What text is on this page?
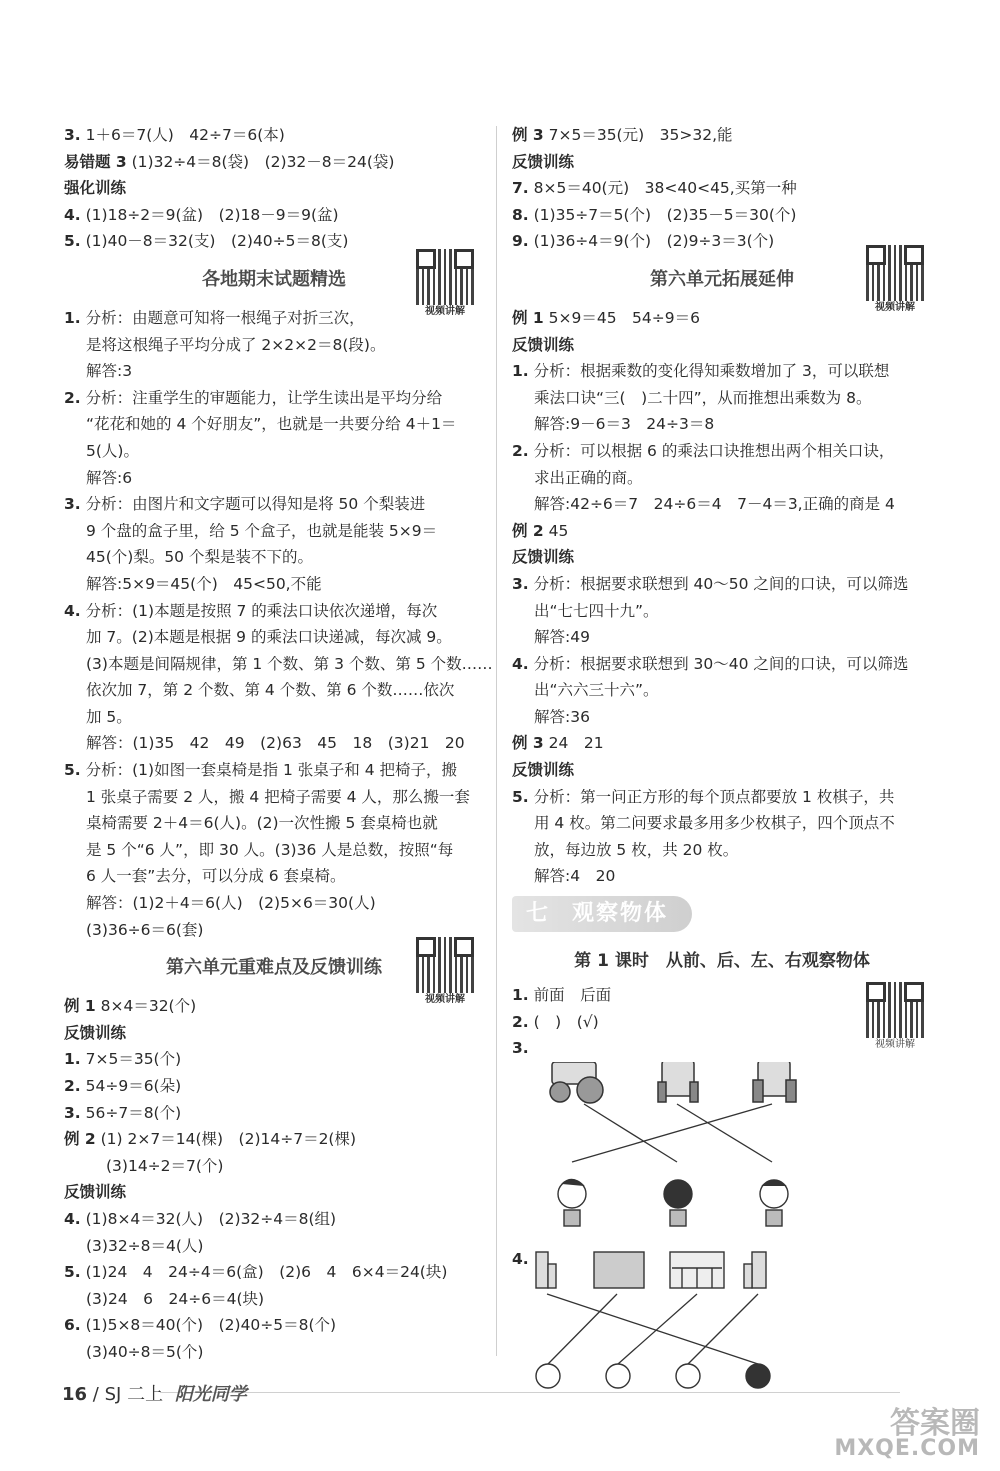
3. 1＋6＝7(人)　42÷7＝6(本)
易错题 3 (1)32÷4＝8(袋)　(2)32－8＝24(袋)
强化训练
4. (1)18÷2＝9(盆)　(2)18－9＝9(盆)
5. (1)40－8＝32(支)　(2)40÷5＝8(支)
各地期末试题精选
视频讲解
1. 分析：由题意可知将一根绳子对折三次，
是将这根绳子平均分成了 2×2×2＝8(段)。
解答:3
2. 分析：注重学生的审题能力，让学生读出是平均分给
“花花和她的 4 个好朋友”，也就是一共要分给 4＋1＝
5(人)。
解答:6
3. 分析：由图片和文字题可以得知是将 50 个梨装进
9 个盘的盒子里，给 5 个盒子，也就是能装 5×9＝
45(个)梨。50 个梨是装不下的。
解答:5×9＝45(个)　45<50,不能
4. 分析：(1)本题是按照 7 的乘法口诀依次递增，每次
加 7。(2)本题是根据 9 的乘法口诀递减，每次减 9。
(3)本题是间隔规律，第 1 个数、第 3 个数、第 5 个数……
依次加 7，第 2 个数、第 4 个数、第 6 个数……依次
加 5。
解答：(1)35　42　49　(2)63　45　18　(3)21　20
5. 分析：(1)如图一套桌椅是指 1 张桌子和 4 把椅子，搬
1 张桌子需要 2 人，搬 4 把椅子需要 4 人，那么搬一套
桌椅需要 2＋4＝6(人)。(2)一次性搬 5 套桌椅也就
是 5 个“6 人”，即 30 人。(3)36 人是总数，按照“每
6 人一套”去分，可以分成 6 套桌椅。
解答：(1)2＋4＝6(人)　(2)5×6＝30(人)
(3)36÷6＝6(套)
第六单元重难点及反馈训练
视频讲解
例 1 8×4＝32(个)
反馈训练
1. 7×5＝35(个)
2. 54÷9＝6(朵)
3. 56÷7＝8(个)
例 2 (1) 2×7＝14(棵)　(2)14÷7＝2(棵)
(3)14÷2＝7(个)
反馈训练
4. (1)8×4＝32(人)　(2)32÷4＝8(组)
(3)32÷8＝4(人)
5. (1)24　4　24÷4＝6(盒)　(2)6　4　6×4＝24(块)
(3)24　6　24÷6＝4(块)
6. (1)5×8＝40(个)　(2)40÷5＝8(个)
(3)40÷8＝5(个)
例 3 7×5＝35(元)　35>32,能
反馈训练
7. 8×5＝40(元)　38<40<45,买第一种
8. (1)35÷7＝5(个)　(2)35－5＝30(个)
9. (1)36÷4＝9(个)　(2)9÷3＝3(个)
第六单元拓展延伸
视频讲解
例 1 5×9＝45　54÷9＝6
反馈训练
1. 分析：根据乘数的变化得知乘数增加了 3，可以联想
乘法口诀“三(　)二十四”，从而推想出乘数为 8。
解答:9－6＝3　24÷3＝8
2. 分析：可以根据 6 的乘法口诀推想出两个相关口诀，
求出正确的商。
解答:42÷6＝7　24÷6＝4　7－4＝3,正确的商是 4
例 2 45
反馈训练
3. 分析：根据要求联想到 40～50 之间的口诀，可以筛选
出“七七四十九”。
解答:49
4. 分析：根据要求联想到 30～40 之间的口诀，可以筛选
出“六六三十六”。
解答:36
例 3 24　21
反馈训练
5. 分析：第一问正方形的每个顶点都要放 1 枚棋子，共
用 4 枚。第二问要求最多用多少枚棋子，四个顶点不
放，每边放 5 枚，共 20 枚。
解答:4　20
七	观察物体
第 1 课时　从前、后、左、右观察物体
视频讲解
1. 前面　后面
2. (　)　(√)
3.
4.
16 / SJ 二上 阳光同学
答案圈
MXQE.COM
